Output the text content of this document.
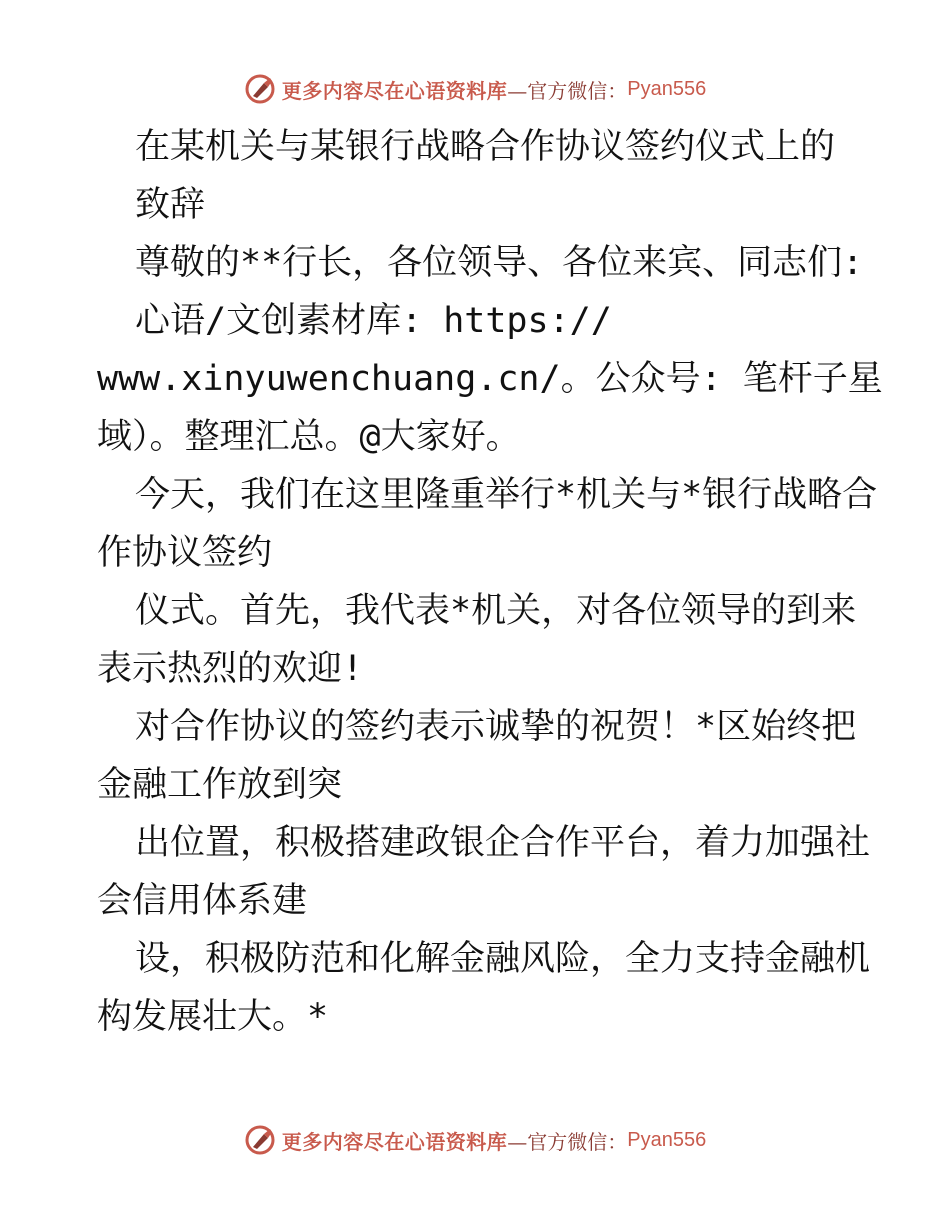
更多内容尽在心语资料库 —官方微信： Pyan556
在某机关与某银行战略合作协议签约仪式上的
致辞
尊敬的**行长，各位领导、各位来宾、同志们:
心语/文创素材库: https://
www.xinyuwenchuang.cn/。公众号: 笔杆子星
域）。整理汇总。@大家好。
今天，我们在这里隆重举行*机关与*银行战略合
作协议签约
仪式。首先，我代表*机关，对各位领导的到来
表示热烈的欢迎!
对合作协议的签约表示诚挚的祝贺！*区始终把
金融工作放到突
出位置，积极搭建政银企合作平台，着力加强社
会信用体系建
设，积极防范和化解金融风险，全力支持金融机
构发展壮大。*
更多内容尽在心语资料库 —官方微信： Pyan556
